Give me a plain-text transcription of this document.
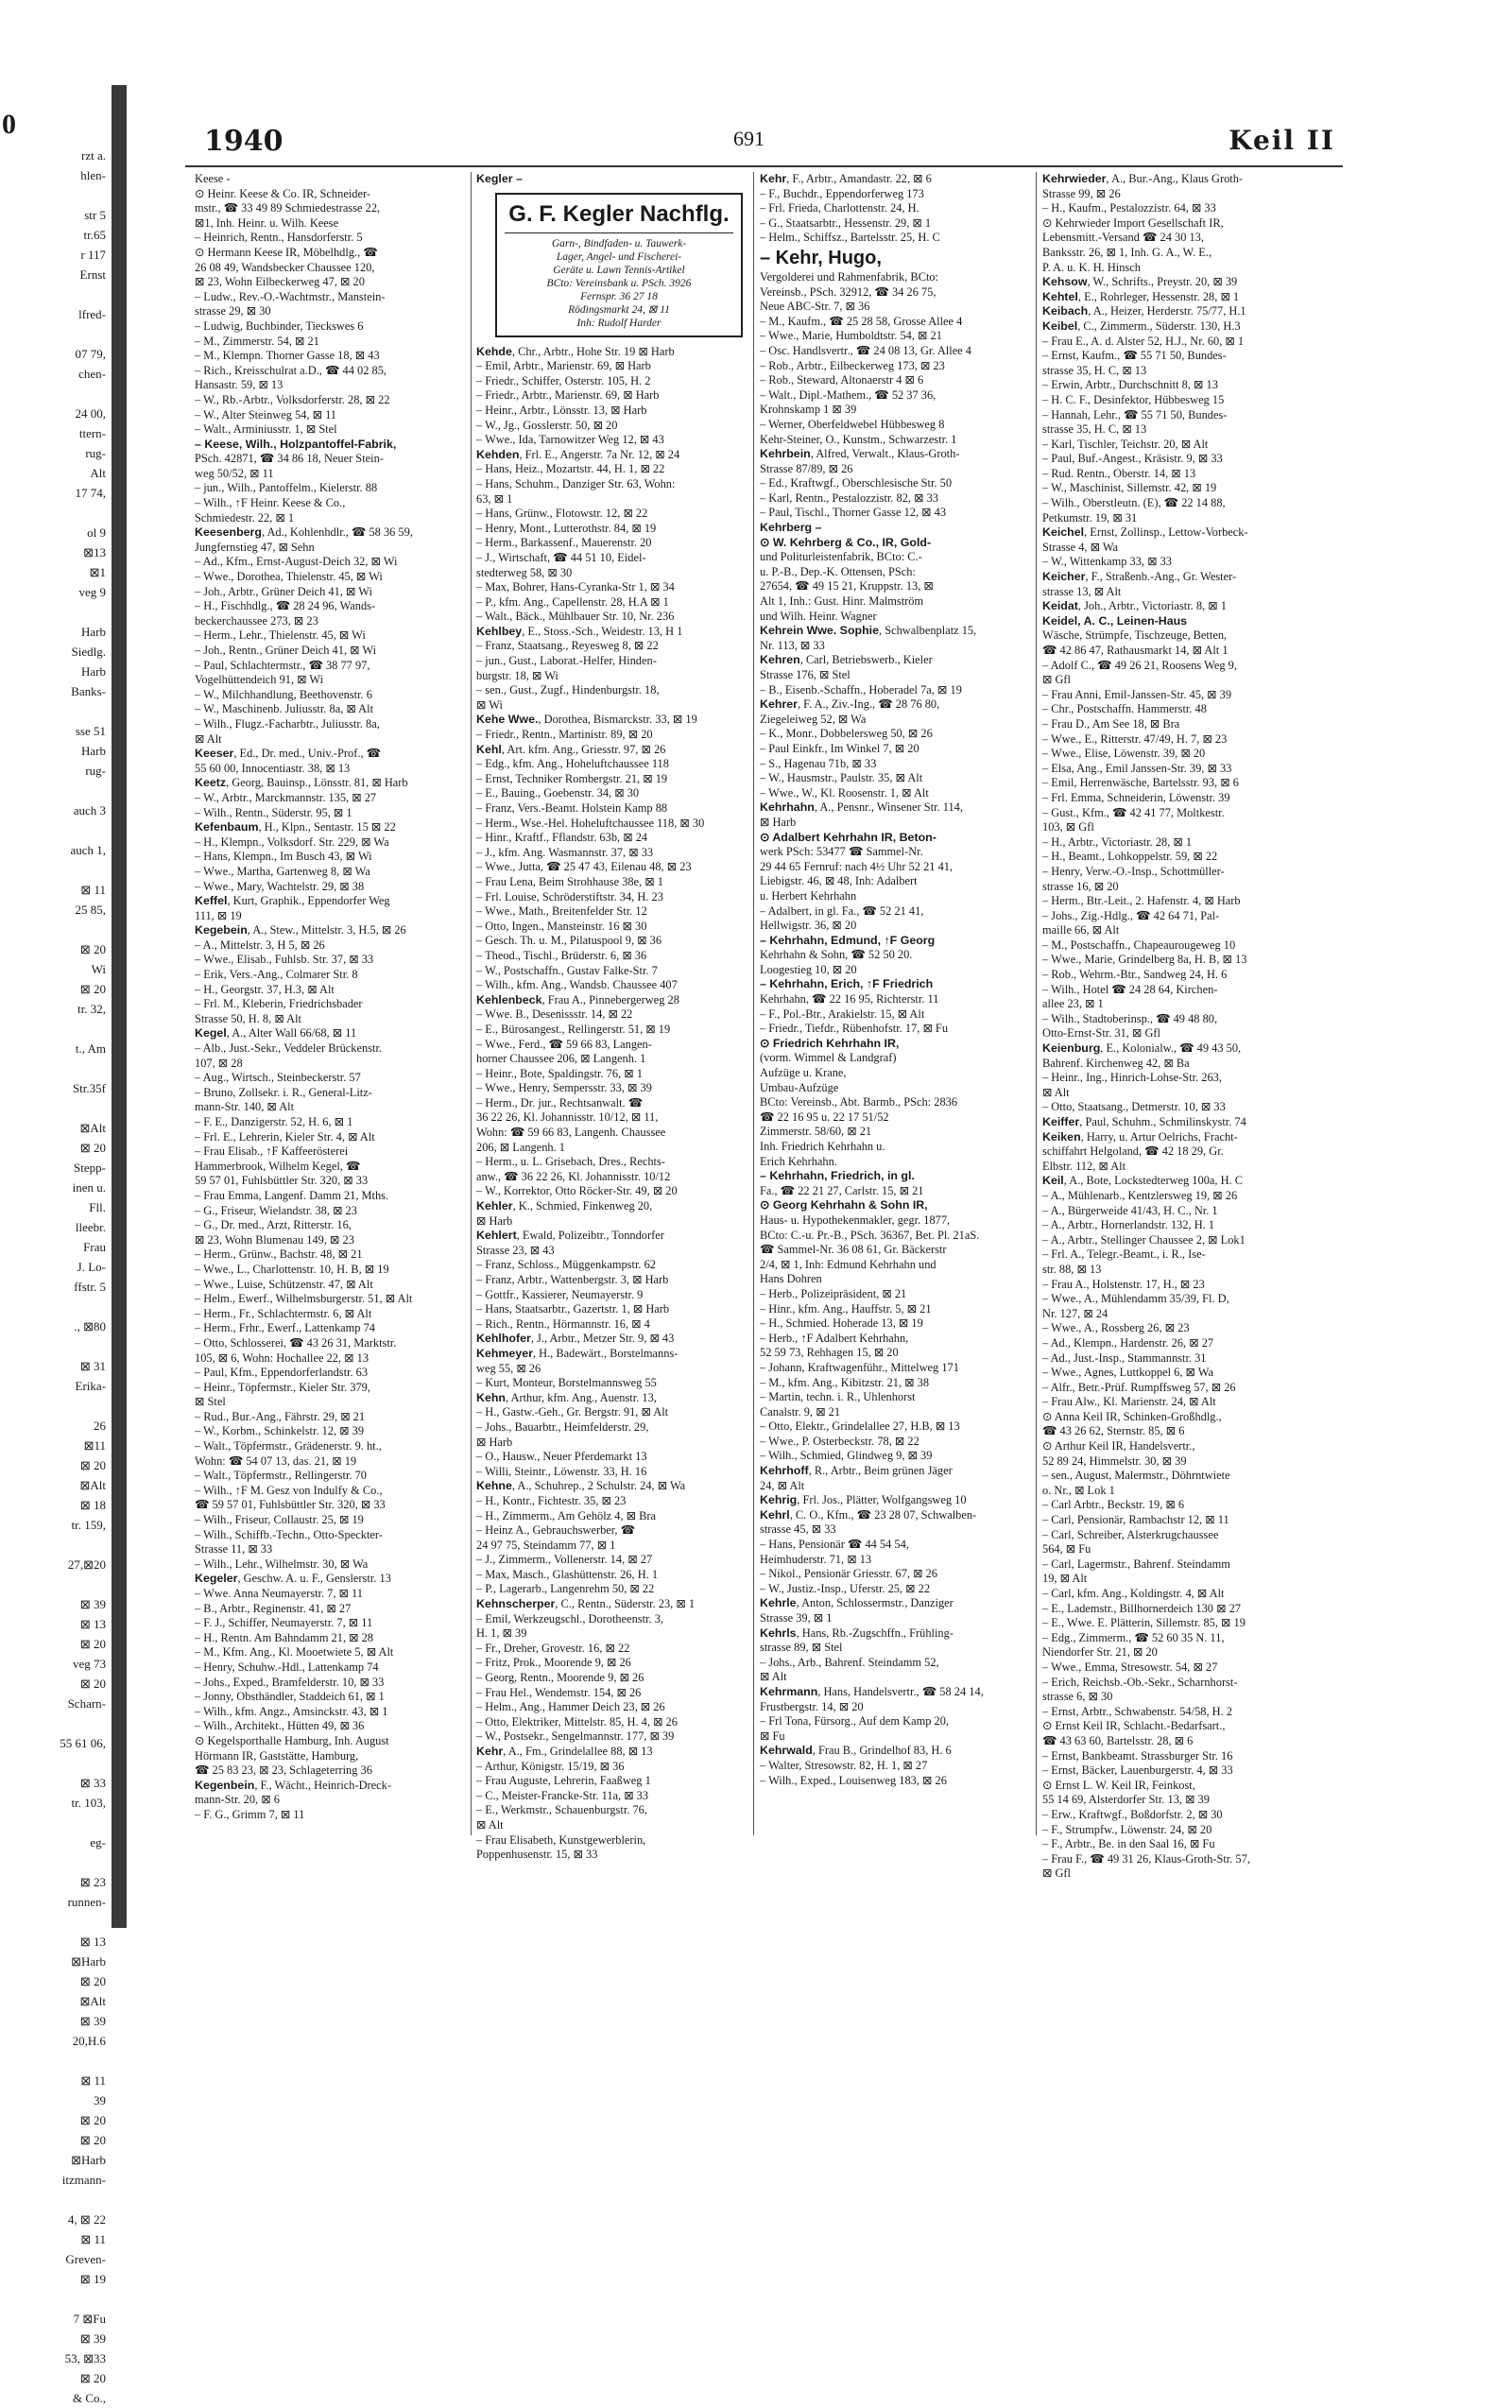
0
rzt a.
hlen-

str 5
tr.65
r 117
Ernst

lfred-

07 79,
chen-

24 00,
ttern-
rug-
Alt
17 74,

ol 9
⊠13
⊠1
veg 9

Harb
Siedlg.
Harb
Banks-

sse 51
Harb
rug-

auch 3

auch 1,

⊠ 11
25 85,

⊠ 20
Wi
⊠ 20
tr. 32,

t., Am

Str.35f

⊠Alt
⊠ 20
Stepp-
inen u.
Fll.
lleebr.
Frau
J. Lo-
ffstr. 5

., ⊠80

⊠ 31
Erika-

26
⊠11
⊠ 20
⊠Alt
⊠ 18
tr. 159,

27,⊠20

⊠ 39
⊠ 13
⊠ 20
veg 73
⊠ 20
Scharn-

55 61 06,

⊠ 33
tr. 103,

eg-

⊠ 23
runnen-

⊠ 13
⊠Harb
⊠ 20
⊠Alt
⊠ 39
20,H.6

⊠ 11
39
⊠ 20
⊠ 20
⊠Harb
itzmann-

4, ⊠ 22
⊠ 11
Greven-
⊠ 19

7 ⊠Fu
⊠ 39
53, ⊠33
⊠ 20
& Co.,
1940	691	Keil II
Keese -
⊙ Heinr. Keese & Co. IR, Schneider-
mstr., ☎ 33 49 89 Schmiedestrasse 22,
⊠1, Inh. Heinr. u. Wilh. Keese
– Heinrich, Rentn., Hansdorferstr. 5
⊙ Hermann Keese IR, Möbelhdlg., ☎
26 08 49, Wandsbecker Chaussee 120,
⊠ 23, Wohn Eilbeckerweg 47, ⊠ 20
– Ludw., Rev.-O.-Wachtmstr., Manstein-
strasse 29, ⊠ 30
– Ludwig, Buchbinder, Tieckswes 6
– M., Zimmerstr. 54, ⊠ 21
– M., Klempn. Thorner Gasse 18, ⊠ 43
– Rich., Kreisschulrat a.D., ☎ 44 02 85,
Hansastr. 59, ⊠ 13
– W., Rb.-Arbtr., Volksdorferstr. 28, ⊠ 22
– W., Alter Steinweg 54, ⊠ 11
– Walt., Arminiusstr. 1, ⊠ Stel
– Keese, Wilh., Holzpantoffel-Fabrik,
PSch. 42871, ☎ 34 86 18, Neuer Stein-
weg 50/52, ⊠ 11
– jun., Wilh., Pantoffelm., Kielerstr. 88
– Wilh., ↑F Heinr. Keese & Co.,
Schmiedestr. 22, ⊠ 1
Keesenberg, Ad., Kohlenhdlr., ☎ 58 36 59,
Jungfernstieg 47, ⊠ Sehn
– Ad., Kfm., Ernst-August-Deich 32, ⊠ Wi
– Wwe., Dorothea, Thielenstr. 45, ⊠ Wi
– Joh., Arbtr., Grüner Deich 41, ⊠ Wi
– H., Fischhdlg., ☎ 28 24 96, Wands-
beckerchaussee 273, ⊠ 23
– Herm., Lehr., Thielenstr. 45, ⊠ Wi
– Joh., Rentn., Grüner Deich 41, ⊠ Wi
– Paul, Schlachtermstr., ☎ 38 77 97,
Vogelhüttendeich 91, ⊠ Wi
– W., Milchhandlung, Beethovenstr. 6
– W., Maschinenb. Juliusstr. 8a, ⊠ Alt
– Wilh., Flugz.-Facharbtr., Juliusstr. 8a,
⊠ Alt
Keeser, Ed., Dr. med., Univ.-Prof., ☎
55 60 00, Innocentiastr. 38, ⊠ 13
Keetz, Georg, Bauinsp., Lönsstr. 81, ⊠ Harb
– W., Arbtr., Marckmannstr. 135, ⊠ 27
– Wilh., Rentn., Süderstr. 95, ⊠ 1
Kefenbaum, H., Klpn., Sentastr. 15 ⊠ 22
– H., Klempn., Volksdorf. Str. 229, ⊠ Wa
– Hans, Klempn., Im Busch 43, ⊠ Wi
– Wwe., Martha, Gartenweg 8, ⊠ Wa
– Wwe., Mary, Wachtelstr. 29, ⊠ 38
Keffel, Kurt, Graphik., Eppendorfer Weg
111, ⊠ 19
Kegebein, A., Stew., Mittelstr. 3, H.5, ⊠ 26
– A., Mittelstr. 3, H 5, ⊠ 26
– Wwe., Elisab., Fuhlsb. Str. 37, ⊠ 33
– Erik, Vers.-Ang., Colmarer Str. 8
– H., Georgstr. 37, H.3, ⊠ Alt
– Frl. M., Kleberin, Friedrichsbader
Strasse 50, H. 8, ⊠ Alt
Kegel, A., Alter Wall 66/68, ⊠ 11
– Alb., Just.-Sekr., Veddeler Brückenstr.
107, ⊠ 28
– Aug., Wirtsch., Steinbeckerstr. 57
– Bruno, Zollsekr. i. R., General-Litz-
mann-Str. 140, ⊠ Alt
– F. E., Danzigerstr. 52, H. 6, ⊠ 1
– Frl. E., Lehrerin, Kieler Str. 4, ⊠ Alt
– Frau Elisab., ↑F Kaffeerösterei
Hammerbrook, Wilhelm Kegel, ☎
59 57 01, Fuhlsbüttler Str. 320, ⊠ 33
– Frau Emma, Langenf. Damm 21, Mths.
– G., Friseur, Wielandstr. 38, ⊠ 23
– G., Dr. med., Arzt, Ritterstr. 16,
⊠ 23, Wohn Blumenau 149, ⊠ 23
– Herm., Grünw., Bachstr. 48, ⊠ 21
– Wwe., L., Charlottenstr. 10, H. B, ⊠ 19
– Wwe., Luise, Schützenstr. 47, ⊠ Alt
– Helm., Ewerf., Wilhelmsburgerstr. 51, ⊠ Alt
– Herm., Fr., Schlachtermstr. 6, ⊠ Alt
– Herm., Frhr., Ewerf., Lattenkamp 74
– Otto, Schlosserei, ☎ 43 26 31, Marktstr.
105, ⊠ 6, Wohn: Hochallee 22, ⊠ 13
– Paul, Kfm., Eppendorferlandstr. 63
– Heinr., Töpfermstr., Kieler Str. 379,
⊠ Stel
– Rud., Bur.-Ang., Fährstr. 29, ⊠ 21
– W., Korbm., Schinkelstr. 12, ⊠ 39
– Walt., Töpfermstr., Grädenerstr. 9. ht.,
Wohn: ☎ 54 07 13, das. 21, ⊠ 19
– Walt., Töpfermstr., Rellingerstr. 70
– Wilh., ↑F M. Gesz von Indulfy & Co.,
☎ 59 57 01, Fuhlsbüttler Str. 320, ⊠ 33
– Wilh., Friseur, Collaustr. 25, ⊠ 19
– Wilh., Schiffb.-Techn., Otto-Speckter-
Strasse 11, ⊠ 33
– Wilh., Lehr., Wilhelmstr. 30, ⊠ Wa
Kegeler, Geschw. A. u. F., Genslerstr. 13
– Wwe. Anna Neumayerstr. 7, ⊠ 11
– B., Arbtr., Reginenstr. 41, ⊠ 27
– F. J., Schiffer, Neumayerstr. 7, ⊠ 11
– H., Rentn. Am Bahndamm 21, ⊠ 28
– M., Kfm. Ang., Kl. Mooetwiete 5, ⊠ Alt
– Henry, Schuhw.-Hdl., Lattenkamp 74
– Johs., Exped., Bramfelderstr. 10, ⊠ 33
– Jonny, Obsthändler, Staddeich 61, ⊠ 1
– Wilh., kfm. Angz., Amsinckstr. 43, ⊠ 1
– Wilh., Architekt., Hütten 49, ⊠ 36
⊙ Kegelsporthalle Hamburg, Inh. August
Hörmann IR, Gaststätte, Hamburg,
☎ 25 83 23, ⊠ 23, Schlageterring 36
Kegenbein, F., Wächt., Heinrich-Dreck-
mann-Str. 20, ⊠ 6
– F. G., Grimm 7, ⊠ 11
Kegler –
G. F. Kegler Nachflg.
Garn-, Bindfaden- u. Tauwerk-
Lager, Angel- und Fischerei-
Geräte u. Lawn Tennis-Artikel
BCto: Vereinsbank u. PSch. 3926
Fernspr. 36 27 18
Rödingsmarkt 24, ⊠ 11
Inh: Rudolf Harder
Kehde, Chr., Arbtr., Hohe Str. 19 ⊠ Harb
– Emil, Arbtr., Marienstr. 69, ⊠ Harb
– Friedr., Schiffer, Osterstr. 105, H. 2
– Friedr., Arbtr., Marienstr. 69, ⊠ Harb
– Heinr., Arbtr., Lönsstr. 13, ⊠ Harb
– W., Jg., Gosslerstr. 50, ⊠ 20
– Wwe., Ida, Tarnowitzer Weg 12, ⊠ 43
Kehden, Frl. E., Angerstr. 7a Nr. 12, ⊠ 24
– Hans, Heiz., Mozartstr. 44, H. 1, ⊠ 22
– Hans, Schuhm., Danziger Str. 63, Wohn:
63, ⊠ 1
– Hans, Grünw., Flotowstr. 12, ⊠ 22
– Henry, Mont., Lutterothstr. 84, ⊠ 19
– Herm., Barkassenf., Mauerenstr. 20
– J., Wirtschaft, ☎ 44 51 10, Eidel-
stedterweg 58, ⊠ 30
– Max, Bohrer, Hans-Cyranka-Str 1, ⊠ 34
– P., kfm. Ang., Capellenstr. 28, H.A ⊠ 1
– Walt., Bäck., Mühlbauer Str. 10, Nr. 236
Kehlbey, E., Stoss.-Sch., Weidestr. 13, H 1
– Franz, Staatsang., Reyesweg 8, ⊠ 22
– jun., Gust., Laborat.-Helfer, Hinden-
burgstr. 18, ⊠ Wi
– sen., Gust., Zugf., Hindenburgstr. 18,
⊠ Wi
Kehe Wwe., Dorothea, Bismarckstr. 33, ⊠ 19
– Friedr., Rentn., Martinistr. 89, ⊠ 20
Kehl, Art. kfm. Ang., Griesstr. 97, ⊠ 26
– Edg., kfm. Ang., Hoheluftchaussee 118
– Ernst, Techniker Rombergstr. 21, ⊠ 19
– E., Bauing., Goebenstr. 34, ⊠ 30
– Franz, Vers.-Beamt. Holstein Kamp 88
– Herm., Wse.-Hel. Hoheluftchaussee 118, ⊠ 30
– Hinr., Kraftf., Fflandstr. 63b, ⊠ 24
– J., kfm. Ang. Wasmannstr. 37, ⊠ 33
– Wwe., Jutta, ☎ 25 47 43, Eilenau 48, ⊠ 23
– Frau Lena, Beim Strohhause 38e, ⊠ 1
– Frl. Louise, Schröderstiftstr. 34, H. 23
– Wwe., Math., Breitenfelder Str. 12
– Otto, Ingen., Mansteinstr. 16 ⊠ 30
– Gesch. Th. u. M., Pilatuspool 9, ⊠ 36
– Theod., Tischl., Brüderstr. 6, ⊠ 36
– W., Postschaffn., Gustav Falke-Str. 7
– Wilh., kfm. Ang., Wandsb. Chaussee 407
Kehlenbeck, Frau A., Pinnebergerweg 28
– Wwe. B., Desenissstr. 14, ⊠ 22
– E., Bürosangest., Rellingerstr. 51, ⊠ 19
– Wwe., Ferd., ☎ 59 66 83, Langen-
horner Chaussee 206, ⊠ Langenh. 1
– Heinr., Bote, Spaldingstr. 76, ⊠ 1
– Wwe., Henry, Sempersstr. 33, ⊠ 39
– Herm., Dr. jur., Rechtsanwalt. ☎
36 22 26, Kl. Johannisstr. 10/12, ⊠ 11,
Wohn: ☎ 59 66 83, Langenh. Chaussee
206, ⊠ Langenh. 1
– Herm., u. L. Grisebach, Dres., Rechts-
anw., ☎ 36 22 26, Kl. Johannisstr. 10/12
– W., Korrektor, Otto Röcker-Str. 49, ⊠ 20
Kehler, K., Schmied, Finkenweg 20,
⊠ Harb
Kehlert, Ewald, Polizeibtr., Tonndorfer
Strasse 23, ⊠ 43
– Franz, Schloss., Müggenkampstr. 62
– Franz, Arbtr., Wattenbergstr. 3, ⊠ Harb
– Gottfr., Kassierer, Neumayerstr. 9
– Hans, Staatsarbtr., Gazertstr. 1, ⊠ Harb
– Rich., Rentn., Hörmannstr. 16, ⊠ 4
Kehlhofer, J., Arbtr., Metzer Str. 9, ⊠ 43
Kehmeyer, H., Badewärt., Borstelmanns-
weg 55, ⊠ 26
– Kurt, Monteur, Borstelmannsweg 55
Kehn, Arthur, kfm. Ang., Auenstr. 13,
– H., Gastw.-Geh., Gr. Bergstr. 91, ⊠ Alt
– Johs., Bauarbtr., Heimfelderstr. 29,
⊠ Harb
– O., Hausw., Neuer Pferdemarkt 13
– Willi, Steintr., Löwenstr. 33, H. 16
Kehne, A., Schuhrep., 2 Schulstr. 24, ⊠ Wa
– H., Kontr., Fichtestr. 35, ⊠ 23
– H., Zimmerm., Am Gehölz 4, ⊠ Bra
– Heinz A., Gebrauchswerber, ☎
24 97 75, Steindamm 77, ⊠ 1
– J., Zimmerm., Vollenerstr. 14, ⊠ 27
– Max, Masch., Glashüttenstr. 26, H. 1
– P., Lagerarb., Langenrehm 50, ⊠ 22
Kehnscherper, C., Rentn., Süderstr. 23, ⊠ 1
– Emil, Werkzeugschl., Dorotheenstr. 3,
H. 1, ⊠ 39
– Fr., Dreher, Grovestr. 16, ⊠ 22
– Fritz, Prok., Moorende 9, ⊠ 26
– Georg, Rentn., Moorende 9, ⊠ 26
– Frau Hel., Wendemstr. 154, ⊠ 26
– Helm., Ang., Hammer Deich 23, ⊠ 26
– Otto, Elektriker, Mittelstr. 85, H. 4, ⊠ 26
– W., Postsekr., Sengelmannstr. 177, ⊠ 39
Kehr, A., Fm., Grindelallee 88, ⊠ 13
– Arthur, Königstr. 15/19, ⊠ 36
– Frau Auguste, Lehrerin, Faaßweg 1
– C., Meister-Francke-Str. 11a, ⊠ 33
– E., Werkmstr., Schauenburgstr. 76,
⊠ Alt
– Frau Elisabeth, Kunstgewerblerin,
Poppenhusenstr. 15, ⊠ 33
Kehr, F., Arbtr., Amandastr. 22, ⊠ 6
– F., Buchdr., Eppendorferweg 173
– Frl. Frieda, Charlottenstr. 24, H.
– G., Staatsarbtr., Hessenstr. 29, ⊠ 1
– Helm., Schiffsz., Bartelsstr. 25, H. C
– Kehr, Hugo,
Vergolderei und Rahmenfabrik, BCto:
Vereinsb., PSch. 32912, ☎ 34 26 75,
Neue ABC-Str. 7, ⊠ 36
– M., Kaufm., ☎ 25 28 58, Grosse Allee 4
– Wwe., Marie, Humboldtstr. 54, ⊠ 21
– Osc. Handlsvertr., ☎ 24 08 13, Gr. Allee 4
– Rob., Arbtr., Eilbeckerweg 173, ⊠ 23
– Rob., Steward, Altonaerstr 4 ⊠ 6
– Walt., Dipl.-Mathem., ☎ 52 37 36,
Krohnskamp 1 ⊠ 39
– Werner, Oberfeldwebel Hübbesweg 8
Kehr-Steiner, O., Kunstm., Schwarzestr. 1
Kehrbein, Alfred, Verwalt., Klaus-Groth-
Strasse 87/89, ⊠ 26
– Ed., Kraftwgf., Oberschlesische Str. 50
– Karl, Rentn., Pestalozzistr. 82, ⊠ 33
– Paul, Tischl., Thorner Gasse 12, ⊠ 43
Kehrberg –
⊙ W. Kehrberg & Co., IR, Gold-
und Politurleistenfabrik, BCto: C.-
u. P.-B., Dep.-K. Ottensen, PSch:
27654, ☎ 49 15 21, Kruppstr. 13, ⊠
Alt 1, Inh.: Gust. Hinr. Malmström
und Wilh. Heinr. Wagner
Kehrein Wwe. Sophie, Schwalbenplatz 15,
Nr. 113, ⊠ 33
Kehren, Carl, Betriebswerb., Kieler
Strasse 176, ⊠ Stel
– B., Eisenb.-Schaffn., Hoberadel 7a, ⊠ 19
Kehrer, F. A., Ziv.-Ing., ☎ 28 76 80,
Ziegeleiweg 52, ⊠ Wa
– K., Monr., Dobbelersweg 50, ⊠ 26
– Paul Einkfr., Im Winkel 7, ⊠ 20
– S., Hagenau 71b, ⊠ 33
– W., Hausmstr., Paulstr. 35, ⊠ Alt
– Wwe., W., Kl. Roosenstr. 1, ⊠ Alt
Kehrhahn, A., Pensnr., Winsener Str. 114,
⊠ Harb
⊙ Adalbert Kehrhahn IR, Beton-
werk PSch: 53477 ☎ Sammel-Nr.
29 44 65 Fernruf: nach 4½ Uhr 52 21 41,
Liebigstr. 46, ⊠ 48, Inh: Adalbert
u. Herbert Kehrhahn
– Adalbert, in gl. Fa., ☎ 52 21 41,
Hellwigstr. 36, ⊠ 20
– Kehrhahn, Edmund, ↑F Georg
Kehrhahn & Sohn, ☎ 52 50 20.
Loogestieg 10, ⊠ 20
– Kehrhahn, Erich, ↑F Friedrich
Kehrhahn, ☎ 22 16 95, Richterstr. 11
– F., Pol.-Btr., Arakielstr. 15, ⊠ Alt
– Friedr., Tiefdr., Rübenhofstr. 17, ⊠ Fu
⊙ Friedrich Kehrhahn IR,
(vorm. Wimmel & Landgraf)
Aufzüge u. Krane,
Umbau-Aufzüge
BCto: Vereinsb., Abt. Barmb., PSch: 2836
☎ 22 16 95 u. 22 17 51/52
Zimmerstr. 58/60, ⊠ 21
Inh. Friedrich Kehrhahn u.
Erich Kehrhahn.
– Kehrhahn, Friedrich, in gl.
Fa., ☎ 22 21 27, Carlstr. 15, ⊠ 21
⊙ Georg Kehrhahn & Sohn IR,
Haus- u. Hypothekenmakler, gegr. 1877,
BCto: C.-u. Pr.-B., PSch. 36367, Bet. Pl. 21aS.
☎ Sammel-Nr. 36 08 61, Gr. Bäckerstr
2/4, ⊠ 1, Inh: Edmund Kehrhahn und
Hans Dohren
– Herb., Polizeipräsident, ⊠ 21
– Hinr., kfm. Ang., Hauffstr. 5, ⊠ 21
– H., Schmied. Hoherade 13, ⊠ 19
– Herb., ↑F Adalbert Kehrhahn,
52 59 73, Rehhagen 15, ⊠ 20
– Johann, Kraftwagenführ., Mittelweg 171
– M., kfm. Ang., Kibitzstr. 21, ⊠ 38
– Martin, techn. i. R., Uhlenhorst
Canalstr. 9, ⊠ 21
– Otto, Elektr., Grindelallee 27, H.B, ⊠ 13
– Wwe., P. Osterbeckstr. 78, ⊠ 22
– Wilh., Schmied, Glindweg 9, ⊠ 39
Kehrhoff, R., Arbtr., Beim grünen Jäger
24, ⊠ Alt
Kehrig, Frl. Jos., Plätter, Wolfgangsweg 10
Kehrl, C. O., Kfm., ☎ 23 28 07, Schwalben-
strasse 45, ⊠ 33
– Hans, Pensionär ☎ 44 54 54,
Heimhuderstr. 71, ⊠ 13
– Nikol., Pensionär Griesstr. 67, ⊠ 26
– W., Justiz.-Insp., Uferstr. 25, ⊠ 22
Kehrle, Anton, Schlossermstr., Danziger
Strasse 39, ⊠ 1
Kehrls, Hans, Rb.-Zugschffn., Frühling-
strasse 89, ⊠ Stel
– Johs., Arb., Bahrenf. Steindamm 52,
⊠ Alt
Kehrmann, Hans, Handelsvertr., ☎ 58 24 14,
Frustbergstr. 14, ⊠ 20
– Frl Tona, Fürsorg., Auf dem Kamp 20,
⊠ Fu
Kehrwald, Frau B., Grindelhof 83, H. 6
– Walter, Stresowstr. 82, H. 1, ⊠ 27
– Wilh., Exped., Louisenweg 183, ⊠ 26
Kehrwieder, A., Bur.-Ang., Klaus Groth-
Strasse 99, ⊠ 26
– H., Kaufm., Pestalozzistr. 64, ⊠ 33
⊙ Kehrwieder Import Gesellschaft IR,
Lebensmitt.-Versand ☎ 24 30 13,
Banksstr. 26, ⊠ 1, Inh. G. A., W. E.,
P. A. u. K. H. Hinsch
Kehsow, W., Schrifts., Preystr. 20, ⊠ 39
Kehtel, E., Rohrleger, Hessenstr. 28, ⊠ 1
Keibach, A., Heizer, Herderstr. 75/77, H.1
Keibel, C., Zimmerm., Süderstr. 130, H.3
– Frau E., A. d. Alster 52, H.J., Nr. 60, ⊠ 1
– Ernst, Kaufm., ☎ 55 71 50, Bundes-
strasse 35, H. C, ⊠ 13
– Erwin, Arbtr., Durchschnitt 8, ⊠ 13
– H. C. F., Desinfektor, Hübbesweg 15
– Hannah, Lehr., ☎ 55 71 50, Bundes-
strasse 35, H. C, ⊠ 13
– Karl, Tischler, Teichstr. 20, ⊠ Alt
– Paul, Buf.-Angest., Kräsistr. 9, ⊠ 33
– Rud. Rentn., Oberstr. 14, ⊠ 13
– W., Maschinist, Sillemstr. 42, ⊠ 19
– Wilh., Oberstleutn. (E), ☎ 22 14 88,
Petkumstr. 19, ⊠ 31
Keichel, Ernst, Zollinsp., Lettow-Vorbeck-
Strasse 4, ⊠ Wa
– W., Wittenkamp 33, ⊠ 33
Keicher, F., Straßenb.-Ang., Gr. Wester-
strasse 13, ⊠ Alt
Keidat, Joh., Arbtr., Victoriastr. 8, ⊠ 1
Keidel, A. C., Leinen-Haus
Wäsche, Strümpfe, Tischzeuge, Betten,
☎ 42 86 47, Rathausmarkt 14, ⊠ Alt 1
– Adolf C., ☎ 49 26 21, Roosens Weg 9,
⊠ Gfl
– Frau Anni, Emil-Janssen-Str. 45, ⊠ 39
– Chr., Postschaffn. Hammerstr. 48
– Frau D., Am See 18, ⊠ Bra
– Wwe., E., Ritterstr. 47/49, H. 7, ⊠ 23
– Wwe., Elise, Löwenstr. 39, ⊠ 20
– Elsa, Ang., Emil Janssen-Str. 39, ⊠ 33
– Emil, Herrenwäsche, Bartelsstr. 93, ⊠ 6
– Frl. Emma, Schneiderin, Löwenstr. 39
– Gust., Kfm., ☎ 42 41 77, Moltkestr.
103, ⊠ Gfl
– H., Arbtr., Victoriastr. 28, ⊠ 1
– H., Beamt., Lohkoppelstr. 59, ⊠ 22
– Henry, Verw.-O.-Insp., Schottmüller-
strasse 16, ⊠ 20
– Herm., Btr.-Leit., 2. Hafenstr. 4, ⊠ Harb
– Johs., Zig.-Hdlg., ☎ 42 64 71, Pal-
maille 66, ⊠ Alt
– M., Postschaffn., Chapeaurougeweg 10
– Wwe., Marie, Grindelberg 8a, H. B, ⊠ 13
– Rob., Wehrm.-Btr., Sandweg 24, H. 6
– Wilh., Hotel ☎ 24 28 64, Kirchen-
allee 23, ⊠ 1
– Wilh., Stadtoberinsp., ☎ 49 48 80,
Otto-Ernst-Str. 31, ⊠ Gfl
Keienburg, E., Kolonialw., ☎ 49 43 50,
Bahrenf. Kirchenweg 42, ⊠ Ba
– Heinr., Ing., Hinrich-Lohse-Str. 263,
⊠ Alt
– Otto, Staatsang., Detmerstr. 10, ⊠ 33
Keiffer, Paul, Schuhm., Schmilinskystr. 74
Keiken, Harry, u. Artur Oelrichs, Fracht-
schiffahrt Helgoland, ☎ 42 18 29, Gr.
Elbstr. 112, ⊠ Alt
Keil, A., Bote, Lockstedterweg 100a, H. C
– A., Mühlenarb., Kentzlersweg 19, ⊠ 26
– A., Bürgerweide 41/43, H. C., Nr. 1
– A., Arbtr., Hornerlandstr. 132, H. 1
– A., Arbtr., Stellinger Chaussee 2, ⊠ Lok1
– Frl. A., Telegr.-Beamt., i. R., Ise-
str. 88, ⊠ 13
– Frau A., Holstenstr. 17, H., ⊠ 23
– Wwe., A., Mühlendamm 35/39, Fl. D,
Nr. 127, ⊠ 24
– Wwe., A., Rossberg 26, ⊠ 23
– Ad., Klempn., Hardenstr. 26, ⊠ 27
– Ad., Just.-Insp., Stammannstr. 31
– Wwe., Agnes, Luttkoppel 6, ⊠ Wa
– Alfr., Betr.-Prüf. Rumpffsweg 57, ⊠ 26
– Frau Alw., Kl. Marienstr. 24, ⊠ Alt
⊙ Anna Keil IR, Schinken-Großhdlg.,
☎ 43 26 62, Sternstr. 85, ⊠ 6
⊙ Arthur Keil IR, Handelsvertr.,
52 89 24, Himmelstr. 30, ⊠ 39
– sen., August, Malermstr., Döhrntwiete
o. Nr., ⊠ Lok 1
– Carl Arbtr., Beckstr. 19, ⊠ 6
– Carl, Pensionär, Rambachstr 12, ⊠ 11
– Carl, Schreiber, Alsterkrugchaussee
564, ⊠ Fu
– Carl, Lagermstr., Bahrenf. Steindamm
19, ⊠ Alt
– Carl, kfm. Ang., Koldingstr. 4, ⊠ Alt
– E., Lademstr., Billhornerdeich 130 ⊠ 27
– E., Wwe. E. Plätterin, Sillemstr. 85, ⊠ 19
– Edg., Zimmerm., ☎ 52 60 35 N. 11,
Niendorfer Str. 21, ⊠ 20
– Wwe., Emma, Stresowstr. 54, ⊠ 27
– Erich, Reichsb.-Ob.-Sekr., Scharnhorst-
strasse 6, ⊠ 30
– Ernst, Arbtr., Schwabenstr. 54/58, H. 2
⊙ Ernst Keil IR, Schlacht.-Bedarfsart.,
☎ 43 63 60, Bartelsstr. 28, ⊠ 6
– Ernst, Bankbeamt. Strassburger Str. 16
– Ernst, Bäcker, Lauenburgerstr. 4, ⊠ 33
⊙ Ernst L. W. Keil IR, Feinkost,
55 14 69, Alsterdorfer Str. 13, ⊠ 39
– Erw., Kraftwgf., Boßdorfstr. 2, ⊠ 30
– F., Strumpfw., Löwenstr. 24, ⊠ 20
– F., Arbtr., Be. in den Saal 16, ⊠ Fu
– Frau F., ☎ 49 31 26, Klaus-Groth-Str. 57,
⊠ Gfl
